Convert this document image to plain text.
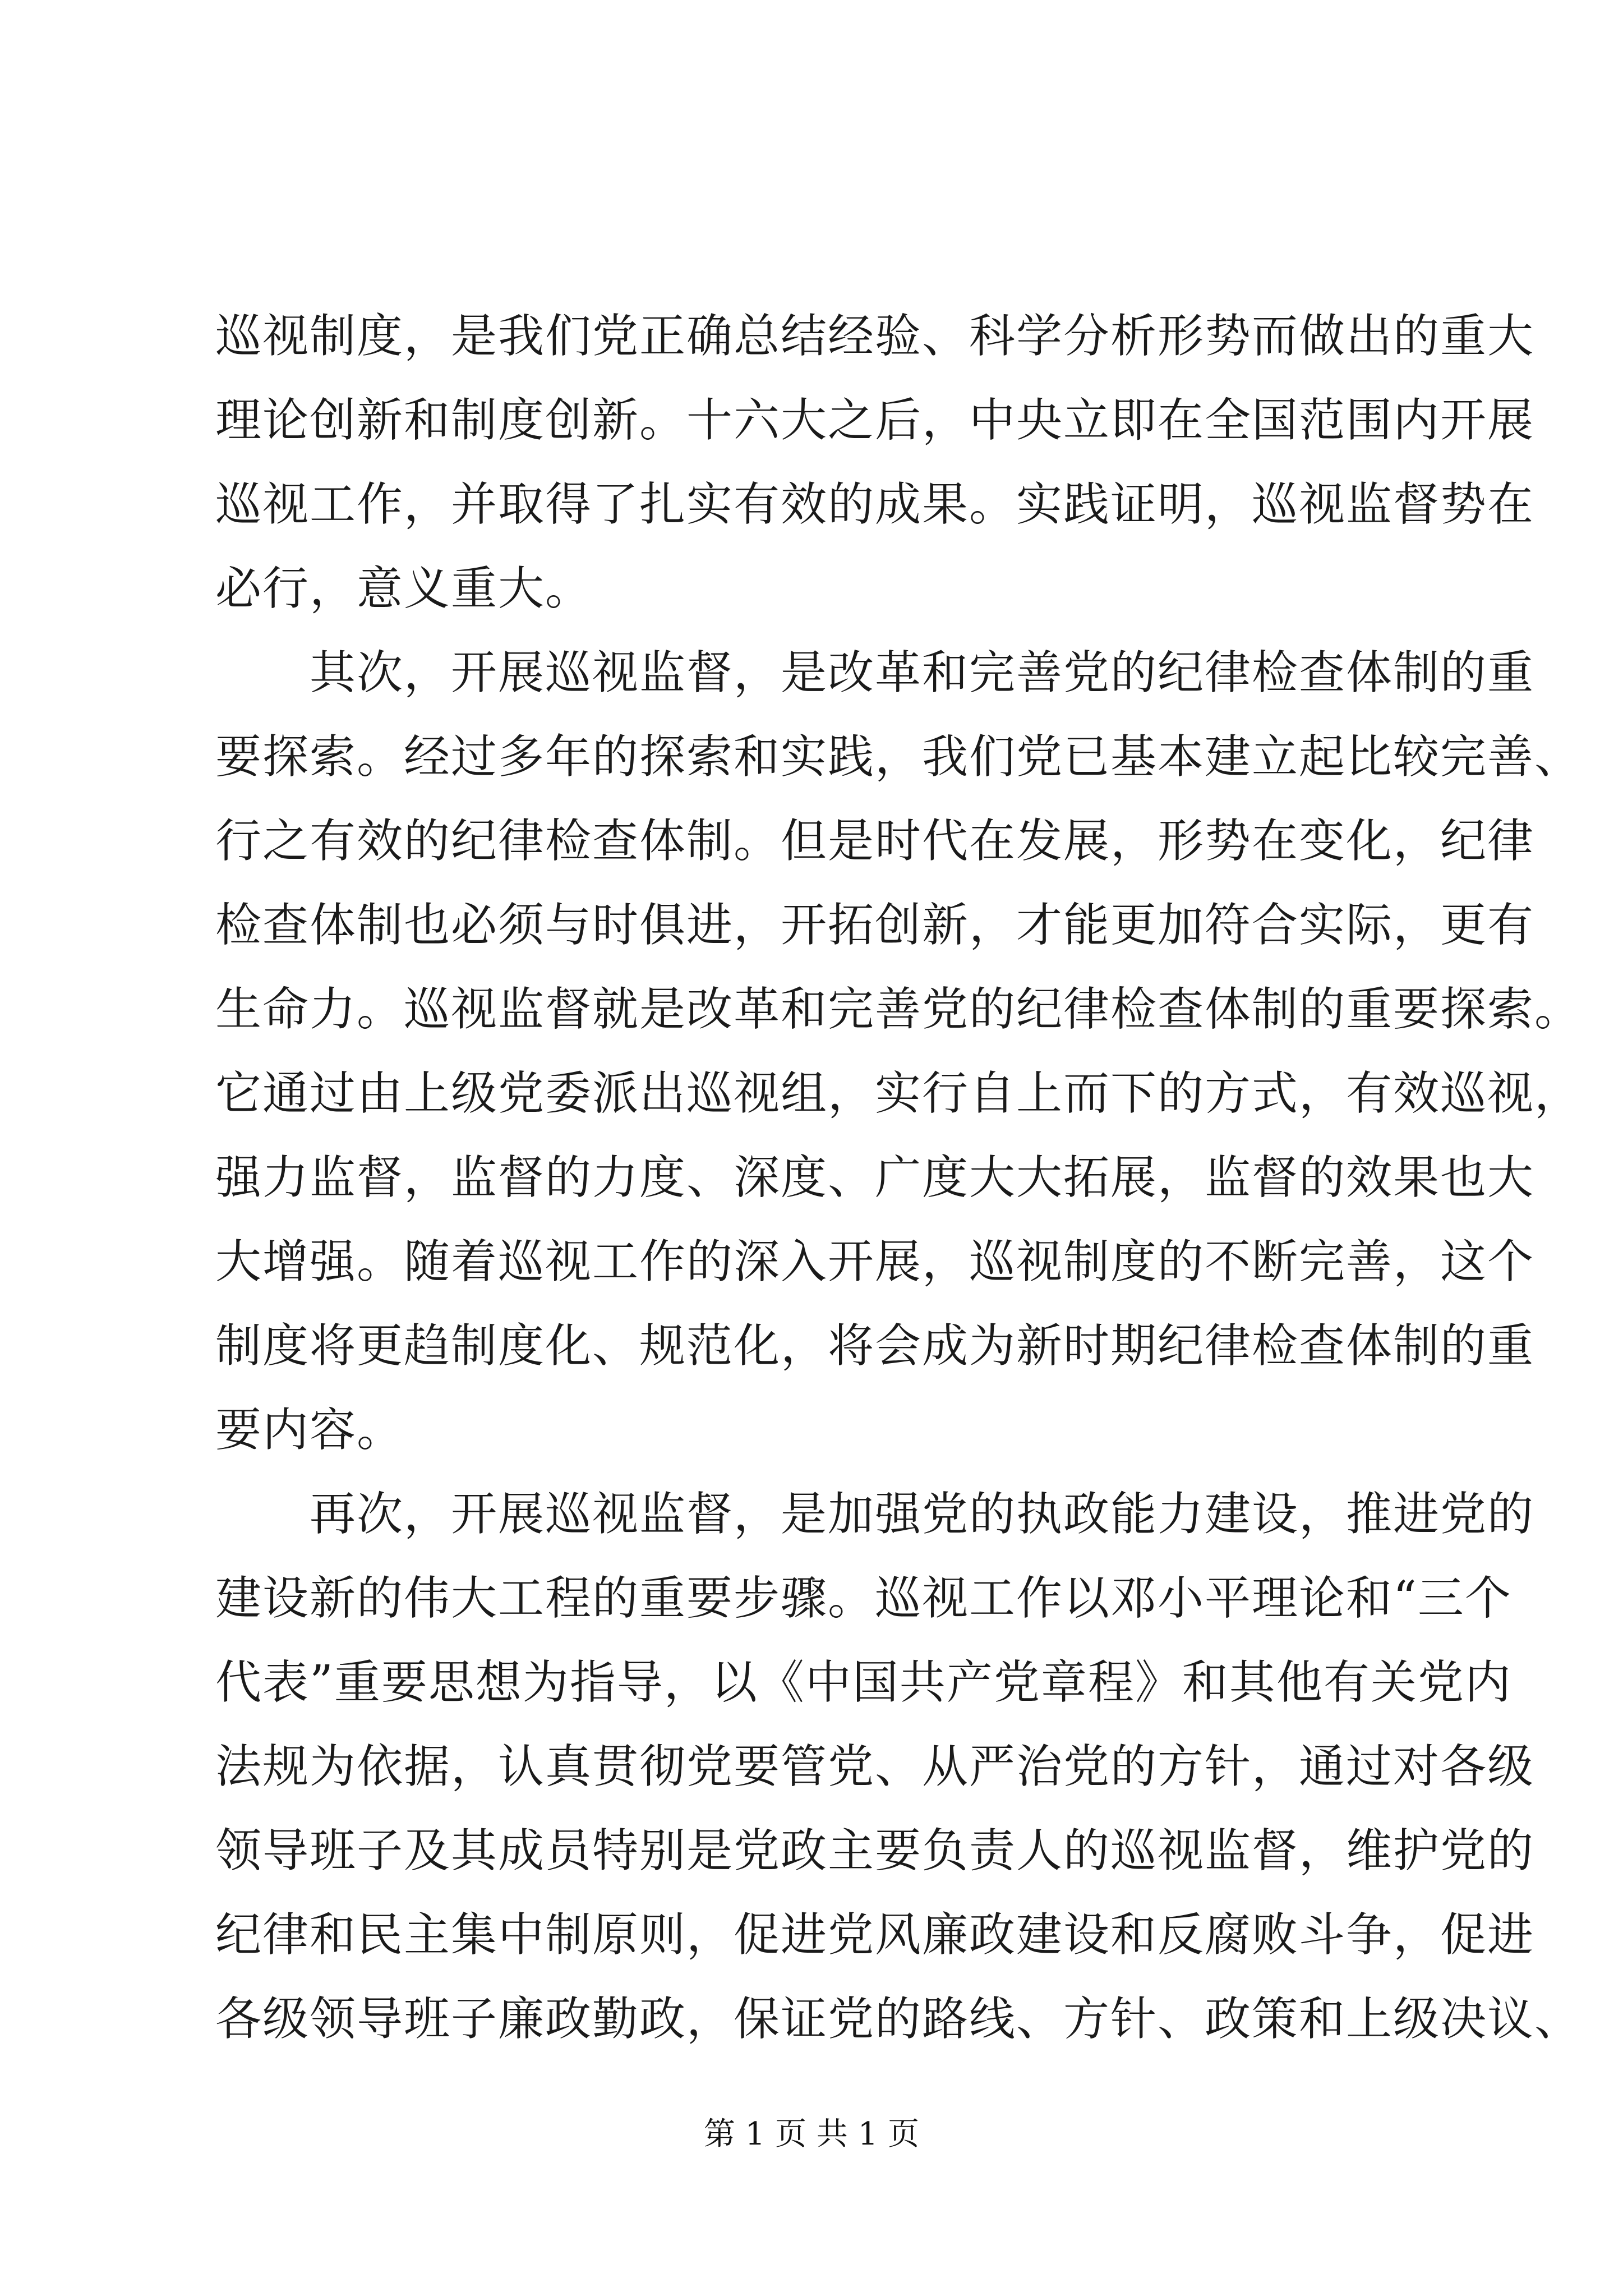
巡视制度，是我们党正确总结经验、科学分析形势而做出的重大
理论创新和制度创新。十六大之后，中央立即在全国范围内开展
巡视工作，并取得了扎实有效的成果。实践证明，巡视监督势在
必行，意义重大。
　　其次，开展巡视监督，是改革和完善党的纪律检查体制的重
要探索。经过多年的探索和实践，我们党已基本建立起比较完善、
行之有效的纪律检查体制。但是时代在发展，形势在变化，纪律
检查体制也必须与时俱进，开拓创新，才能更加符合实际，更有
生命力。巡视监督就是改革和完善党的纪律检查体制的重要探索。
它通过由上级党委派出巡视组，实行自上而下的方式，有效巡视，
强力监督，监督的力度、深度、广度大大拓展，监督的效果也大
大增强。随着巡视工作的深入开展，巡视制度的不断完善，这个
制度将更趋制度化、规范化，将会成为新时期纪律检查体制的重
要内容。
　　再次，开展巡视监督，是加强党的执政能力建设，推进党的
建设新的伟大工程的重要步骤。巡视工作以邓小平理论和“三个
代表”重要思想为指导，以《中国共产党章程》和其他有关党内
法规为依据，认真贯彻党要管党、从严治党的方针，通过对各级
领导班子及其成员特别是党政主要负责人的巡视监督，维护党的
纪律和民主集中制原则，促进党风廉政建设和反腐败斗争，促进
各级领导班子廉政勤政，保证党的路线、方针、政策和上级决议、
第 1 页 共 1 页
